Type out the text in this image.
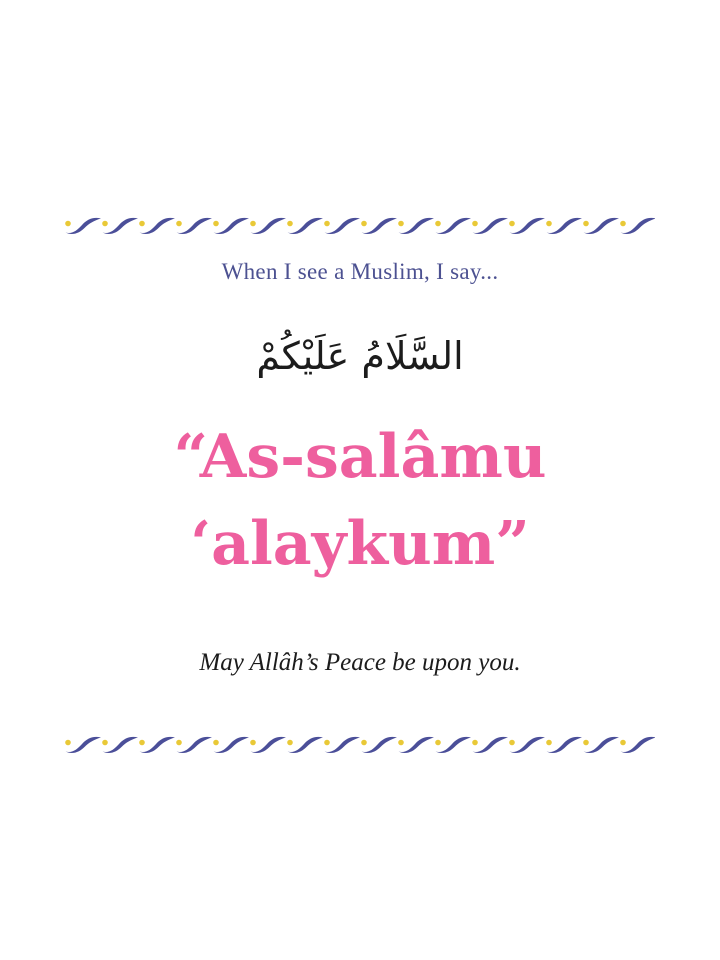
When I see a Muslim, I say...
السَّلَامُ عَلَيْكُمْ
“As-salâmu
‘alaykum”
May Allâh’s Peace be upon you.
